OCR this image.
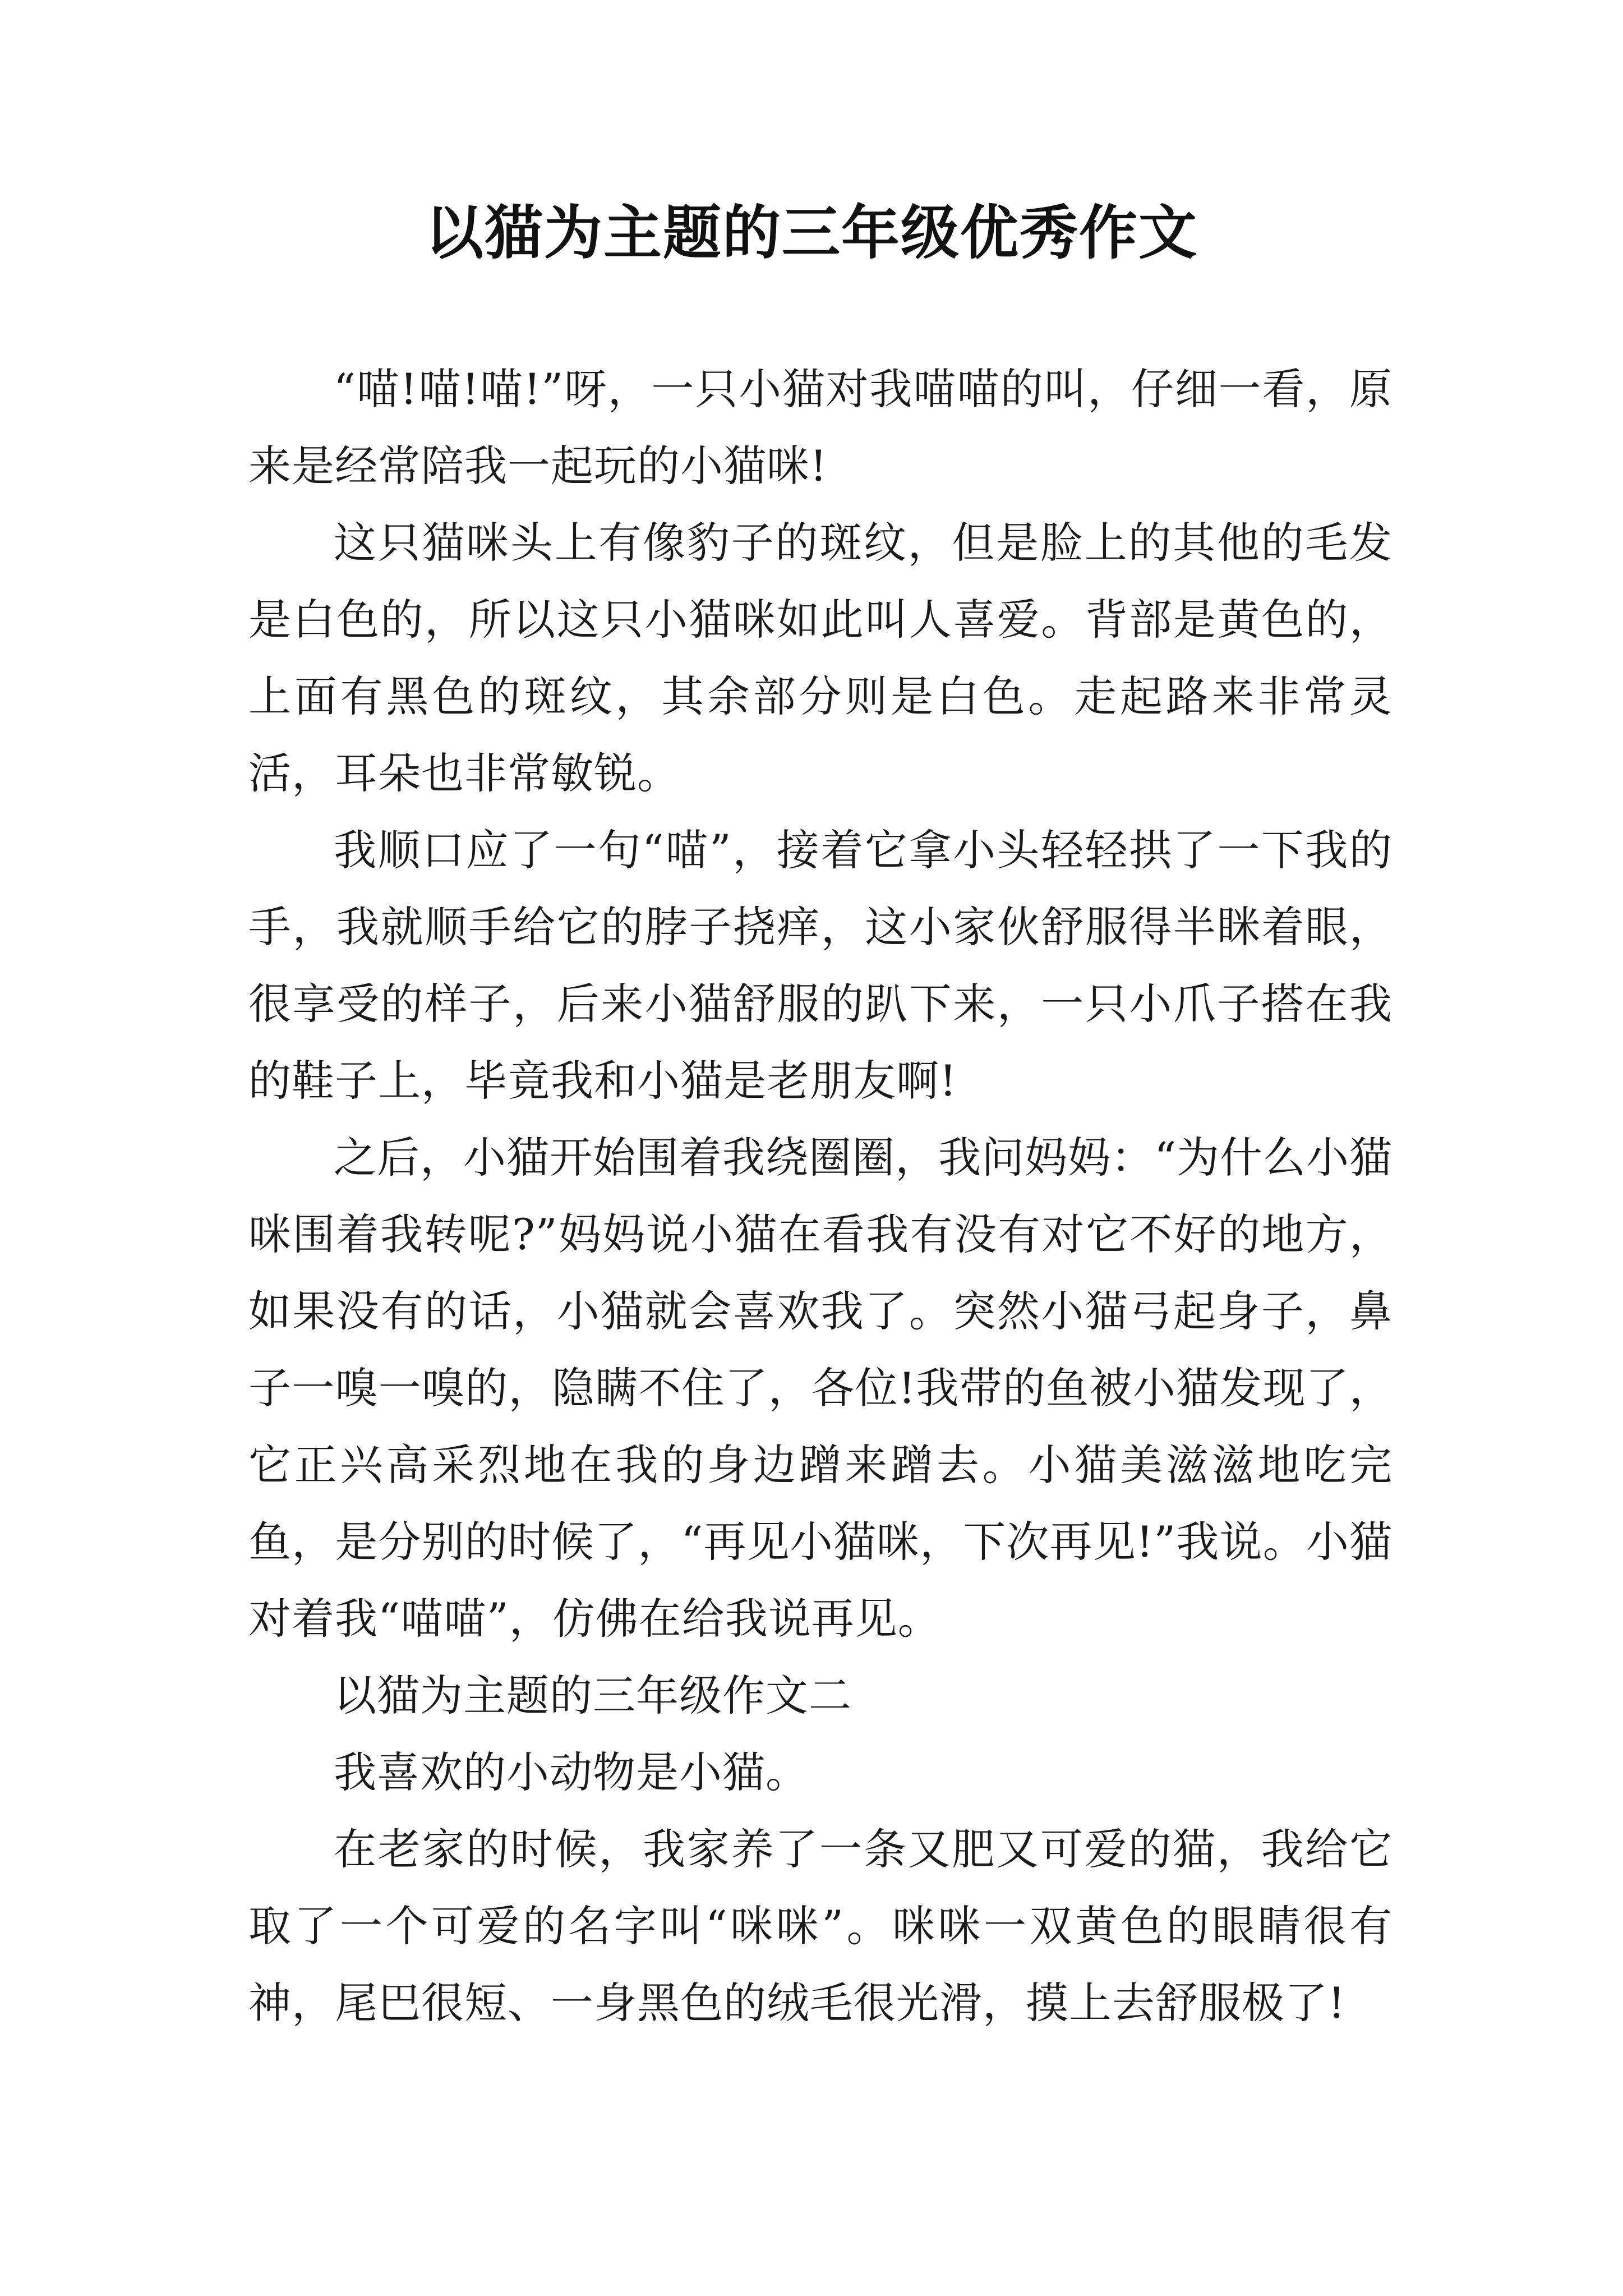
以猫为主题的三年级优秀作文

“喵!喵!喵!”呀，一只小猫对我喵喵的叫，仔细一看，原来是经常陪我一起玩的小猫咪!

这只猫咪头上有像豹子的斑纹，但是脸上的其他的毛发是白色的，所以这只小猫咪如此叫人喜爱。背部是黄色的，上面有黑色的斑纹，其余部分则是白色。走起路来非常灵活，耳朵也非常敏锐。

我顺口应了一句“喵”，接着它拿小头轻轻拱了一下我的手，我就顺手给它的脖子挠痒，这小家伙舒服得半眯着眼，很享受的样子，后来小猫舒服的趴下来，一只小爪子搭在我的鞋子上，毕竟我和小猫是老朋友啊!

之后，小猫开始围着我绕圈圈，我问妈妈：“为什么小猫咪围着我转呢?”妈妈说小猫在看我有没有对它不好的地方，如果没有的话，小猫就会喜欢我了。突然小猫弓起身子，鼻子一嗅一嗅的，隐瞒不住了，各位!我带的鱼被小猫发现了，它正兴高采烈地在我的身边蹭来蹭去。小猫美滋滋地吃完鱼，是分别的时候了，“再见小猫咪，下次再见!”我说。小猫对着我“喵喵”，仿佛在给我说再见。

以猫为主题的三年级作文二

我喜欢的小动物是小猫。

在老家的时候，我家养了一条又肥又可爱的猫，我给它取了一个可爱的名字叫“咪咪”。咪咪一双黄色的眼睛很有神，尾巴很短、一身黑色的绒毛很光滑，摸上去舒服极了!
